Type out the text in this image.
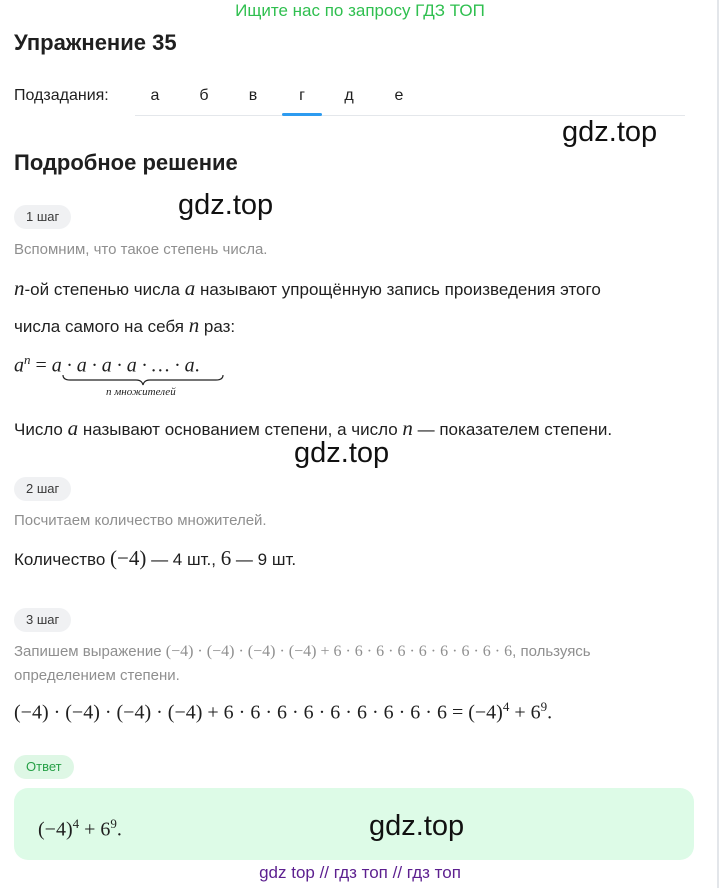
Ищите нас по запросу ГДЗ ТОП
Упражнение 35
Подзадания:	а	б	в	г	д	е
gdz.top
Подробное решение
gdz.top
1 шаг
Вспомним, что такое степень числа.
n-ой степенью числа a называют упрощённую запись произведения этого
числа самого на себя n раз:
$a^n = a \cdot a \cdot a \cdot a$ · … · a.
n множителей
Число a называют основанием степени, а число n — показателем степени.
gdz.top
2 шаг
Посчитаем количество множителей.
Количество (−4) — 4 шт., 6 — 9 шт.
3 шаг
Запишем выражение (−4) · (−4) · (−4) · (−4) + 6 · 6 · 6 · 6 · 6 · 6 · 6 · 6 · 6, пользуясь
определением степени.
$(-4) \cdot (-4) \cdot (-4) \cdot (-4) + 6 \cdot 6 \cdot 6 \cdot 6 \cdot 6 \cdot 6 \cdot 6 \cdot 6 \cdot 6 = (-4)^4 + 6^9$.
Ответ
$(-4)^4 + 6^9$.	gdz.top
gdz top // гдз топ // гдз топ
